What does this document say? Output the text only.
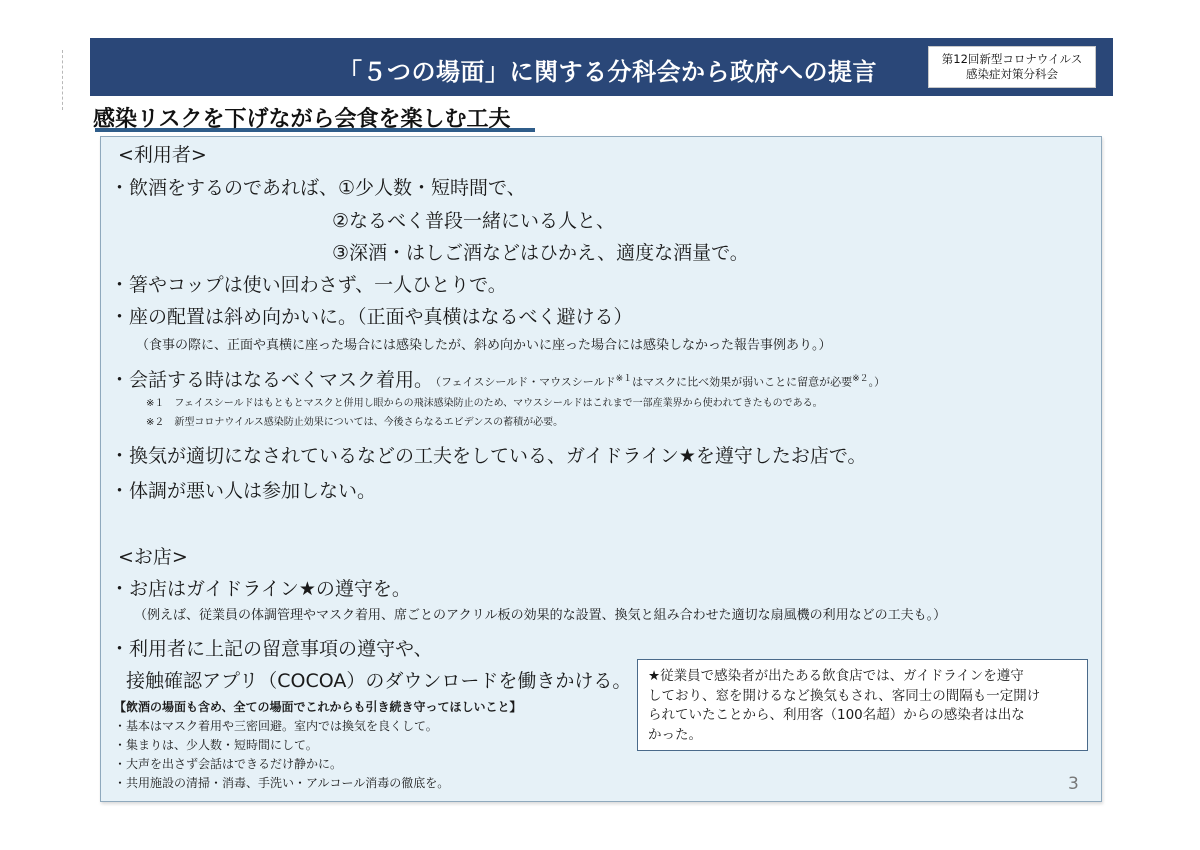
「５つの場面」に関する分科会から政府への提言	第12回新型コロナウイルス
感染症対策分科会
感染リスクを下げながら会食を楽しむ工夫
<利用者>
・飲酒をするのであれば、①少人数・短時間で、
②なるべく普段一緒にいる人と、
③深酒・はしご酒などはひかえ、適度な酒量で。
・箸やコップは使い回わさず、一人ひとりで。
・座の配置は斜め向かいに。（正面や真横はなるべく避ける）
（食事の際に、正面や真横に座った場合には感染したが、斜め向かいに座った場合には感染しなかった報告事例あり。）
・会話する時はなるべくマスク着用。
（フェイスシールド・マウスシールド$^{※1}$はマスクに比べ効果が弱いことに留意が必要$^{※2}$。）
※１　フェイスシールドはもともとマスクと併用し眼からの飛沫感染防止のため、マウスシールドはこれまで一部産業界から使われてきたものである。
※２　新型コロナウイルス感染防止効果については、今後さらなるエビデンスの蓄積が必要。
・換気が適切になされているなどの工夫をしている、ガイドライン★を遵守したお店で。
・体調が悪い人は参加しない。
<お店>
・お店はガイドライン★の遵守を。
（例えば、従業員の体調管理やマスク着用、席ごとのアクリル板の効果的な設置、換気と組み合わせた適切な扇風機の利用などの工夫も。）
・利用者に上記の留意事項の遵守や、
接触確認アプリ（COCOA）のダウンロードを働きかける。
【飲酒の場面も含め、全ての場面でこれからも引き続き守ってほしいこと】
・基本はマスク着用や三密回避。室内では換気を良くして。
・集まりは、少人数・短時間にして。
・大声を出さず会話はできるだけ静かに。
・共用施設の清掃・消毒、手洗い・アルコール消毒の徹底を。
★従業員で感染者が出たある飲食店では、ガイドラインを遵守
しており、窓を開けるなど換気もされ、客同士の間隔も一定開け
られていたことから、利用客（100名超）からの感染者は出な
かった。
3
